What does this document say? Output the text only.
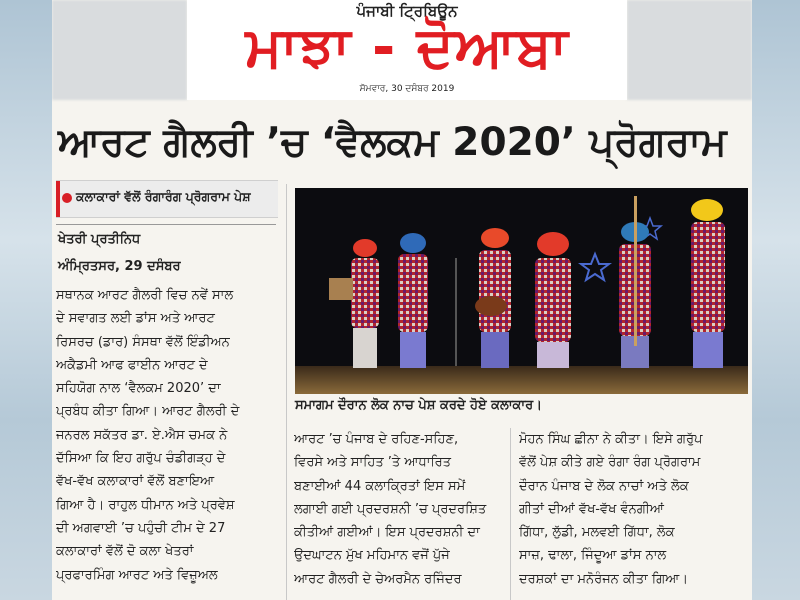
ਪੰਜਾਬੀ ਟ੍ਰਿਬਿਊਨ
ਮਾਝਾ - ਦੋਆਬਾ
ਸੋਮਵਾਰ, 30 ਦਸੰਬਰ 2019
ਆਰਟ ਗੈਲਰੀ ’ਚ ‘ਵੈਲਕਮ 2020’ ਪ੍ਰੋਗਰਾਮ
ਕਲਾਕਾਰਾਂ ਵੱਲੋਂ ਰੰਗਾਰੰਗ ਪ੍ਰੋਗਰਾਮ ਪੇਸ਼
ਖੇਤਰੀ ਪ੍ਰਤੀਨਿਧ
ਅੰਮ੍ਰਿਤਸਰ, 29 ਦਸੰਬਰ
ਸਥਾਨਕ ਆਰਟ ਗੈਲਰੀ ਵਿਚ ਨਵੇਂ ਸਾਲ
ਦੇ ਸਵਾਗਤ ਲਈ ਡਾਂਸ ਅਤੇ ਆਰਟ
ਰਿਸਰਚ (ਡਾਰ) ਸੰਸਥਾ ਵੱਲੋਂ ਇੰਡੀਅਨ
ਅਕੈਡਮੀ ਆਫ ਫਾਈਨ ਆਰਟ ਦੇ
ਸਹਿਯੋਗ ਨਾਲ ‘ਵੈਲਕਮ 2020’ ਦਾ
ਪ੍ਰਬੰਧ ਕੀਤਾ ਗਿਆ। ਆਰਟ ਗੈਲਰੀ ਦੇ
ਜਨਰਲ ਸਕੱਤਰ ਡਾ. ਏ.ਐਸ ਚਮਕ ਨੇ
ਦੱਸਿਆ ਕਿ ਇਹ ਗਰੁੱਪ ਚੰਡੀਗੜ੍ਹ ਦੇ
ਵੱਖ-ਵੱਖ ਕਲਾਕਾਰਾਂ ਵੱਲੋਂ ਬਣਾਇਆ
ਗਿਆ ਹੈ। ਰਾਹੁਲ ਧੀਮਾਨ ਅਤੇ ਪ੍ਰਵੇਸ਼
ਦੀ ਅਗਵਾਈ ’ਚ ਪਹੁੰਚੀ ਟੀਮ ਦੇ 27
ਕਲਾਕਾਰਾਂ ਵੱਲੋਂ ਦੋ ਕਲਾ ਖੇਤਰਾਂ
ਪ੍ਰਫਾਰਮਿੰਗ ਆਰਟ ਅਤੇ ਵਿਜ਼ੂਅਲ
ਸਮਾਗਮ ਦੌਰਾਨ ਲੋਕ ਨਾਚ ਪੇਸ਼ ਕਰਦੇ ਹੋਏ ਕਲਾਕਾਰ।
ਆਰਟ ’ਚ ਪੰਜਾਬ ਦੇ ਰਹਿਣ-ਸਹਿਣ,
ਵਿਰਸੇ ਅਤੇ ਸਾਹਿਤ ’ਤੇ ਆਧਾਰਿਤ
ਬਣਾਈਆਂ 44 ਕਲਾਕ੍ਰਿਤਾਂ ਇਸ ਸਮੇਂ
ਲਗਾਈ ਗਈ ਪ੍ਰਦਰਸ਼ਨੀ ’ਚ ਪ੍ਰਦਰਸ਼ਿਤ
ਕੀਤੀਆਂ ਗਈਆਂ। ਇਸ ਪ੍ਰਦਰਸ਼ਨੀ ਦਾ
ਉਦਘਾਟਨ ਮੁੱਖ ਮਹਿਮਾਨ ਵਜੋਂ ਪੁੱਜੇ
ਆਰਟ ਗੈਲਰੀ ਦੇ ਚੇਅਰਮੈਨ ਰਜਿੰਦਰ
ਮੋਹਨ ਸਿੰਘ ਛੀਨਾ ਨੇ ਕੀਤਾ। ਇਸੇ ਗਰੁੱਪ
ਵੱਲੋਂ ਪੇਸ਼ ਕੀਤੇ ਗਏ ਰੰਗਾ ਰੰਗ ਪ੍ਰੋਗਰਾਮ
ਦੌਰਾਨ ਪੰਜਾਬ ਦੇ ਲੋਕ ਨਾਚਾਂ ਅਤੇ ਲੋਕ
ਗੀਤਾਂ ਦੀਆਂ ਵੱਖ-ਵੱਖ ਵੰਨਗੀਆਂ
ਗਿੱਧਾ, ਲੁੱਡੀ, ਮਲਵਈ ਗਿੱਧਾ, ਲੋਕ
ਸਾਜ਼, ਢਾਲਾ, ਜਿੰਦੂਆ ਡਾਂਸ ਨਾਲ
ਦਰਸ਼ਕਾਂ ਦਾ ਮਨੋਰੰਜਨ ਕੀਤਾ ਗਿਆ।
